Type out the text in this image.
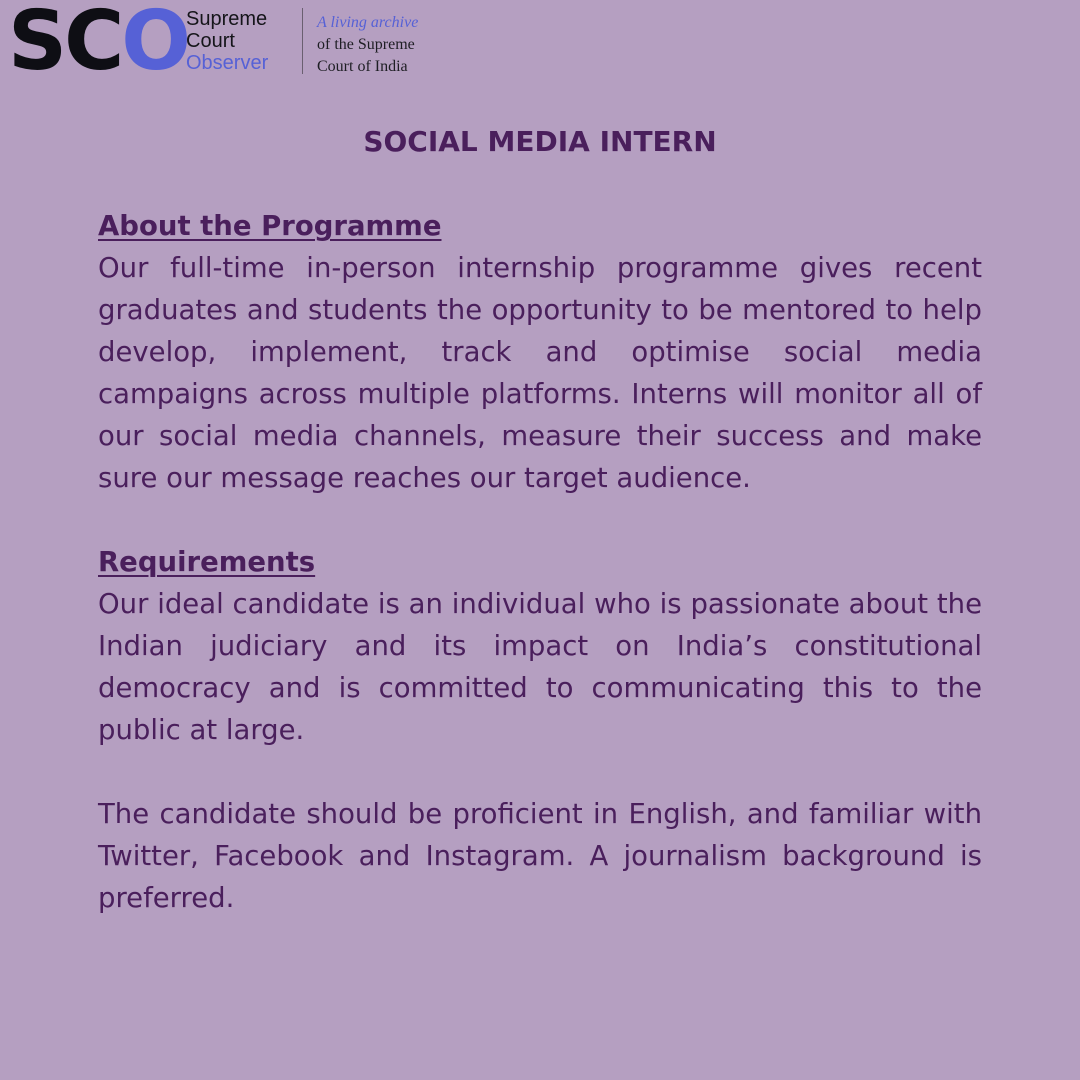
SCO
Supreme
Court
Observer
A living archive
of the Supreme
Court of India
SOCIAL MEDIA INTERN

About the Programme

Our full-time in-person internship programme gives recent graduates and students the opportunity to be mentored to help develop, implement, track and optimise social media campaigns across multiple platforms. Interns will monitor all of our social media channels, measure their success and make sure our message reaches our target audience.

Requirements

Our ideal candidate is an individual who is passionate about the Indian judiciary and its impact on India’s constitutional democracy and is committed to communicating this to the public at large.

The candidate should be proficient in English, and familiar with Twitter, Facebook and Instagram. A journalism background is preferred.
